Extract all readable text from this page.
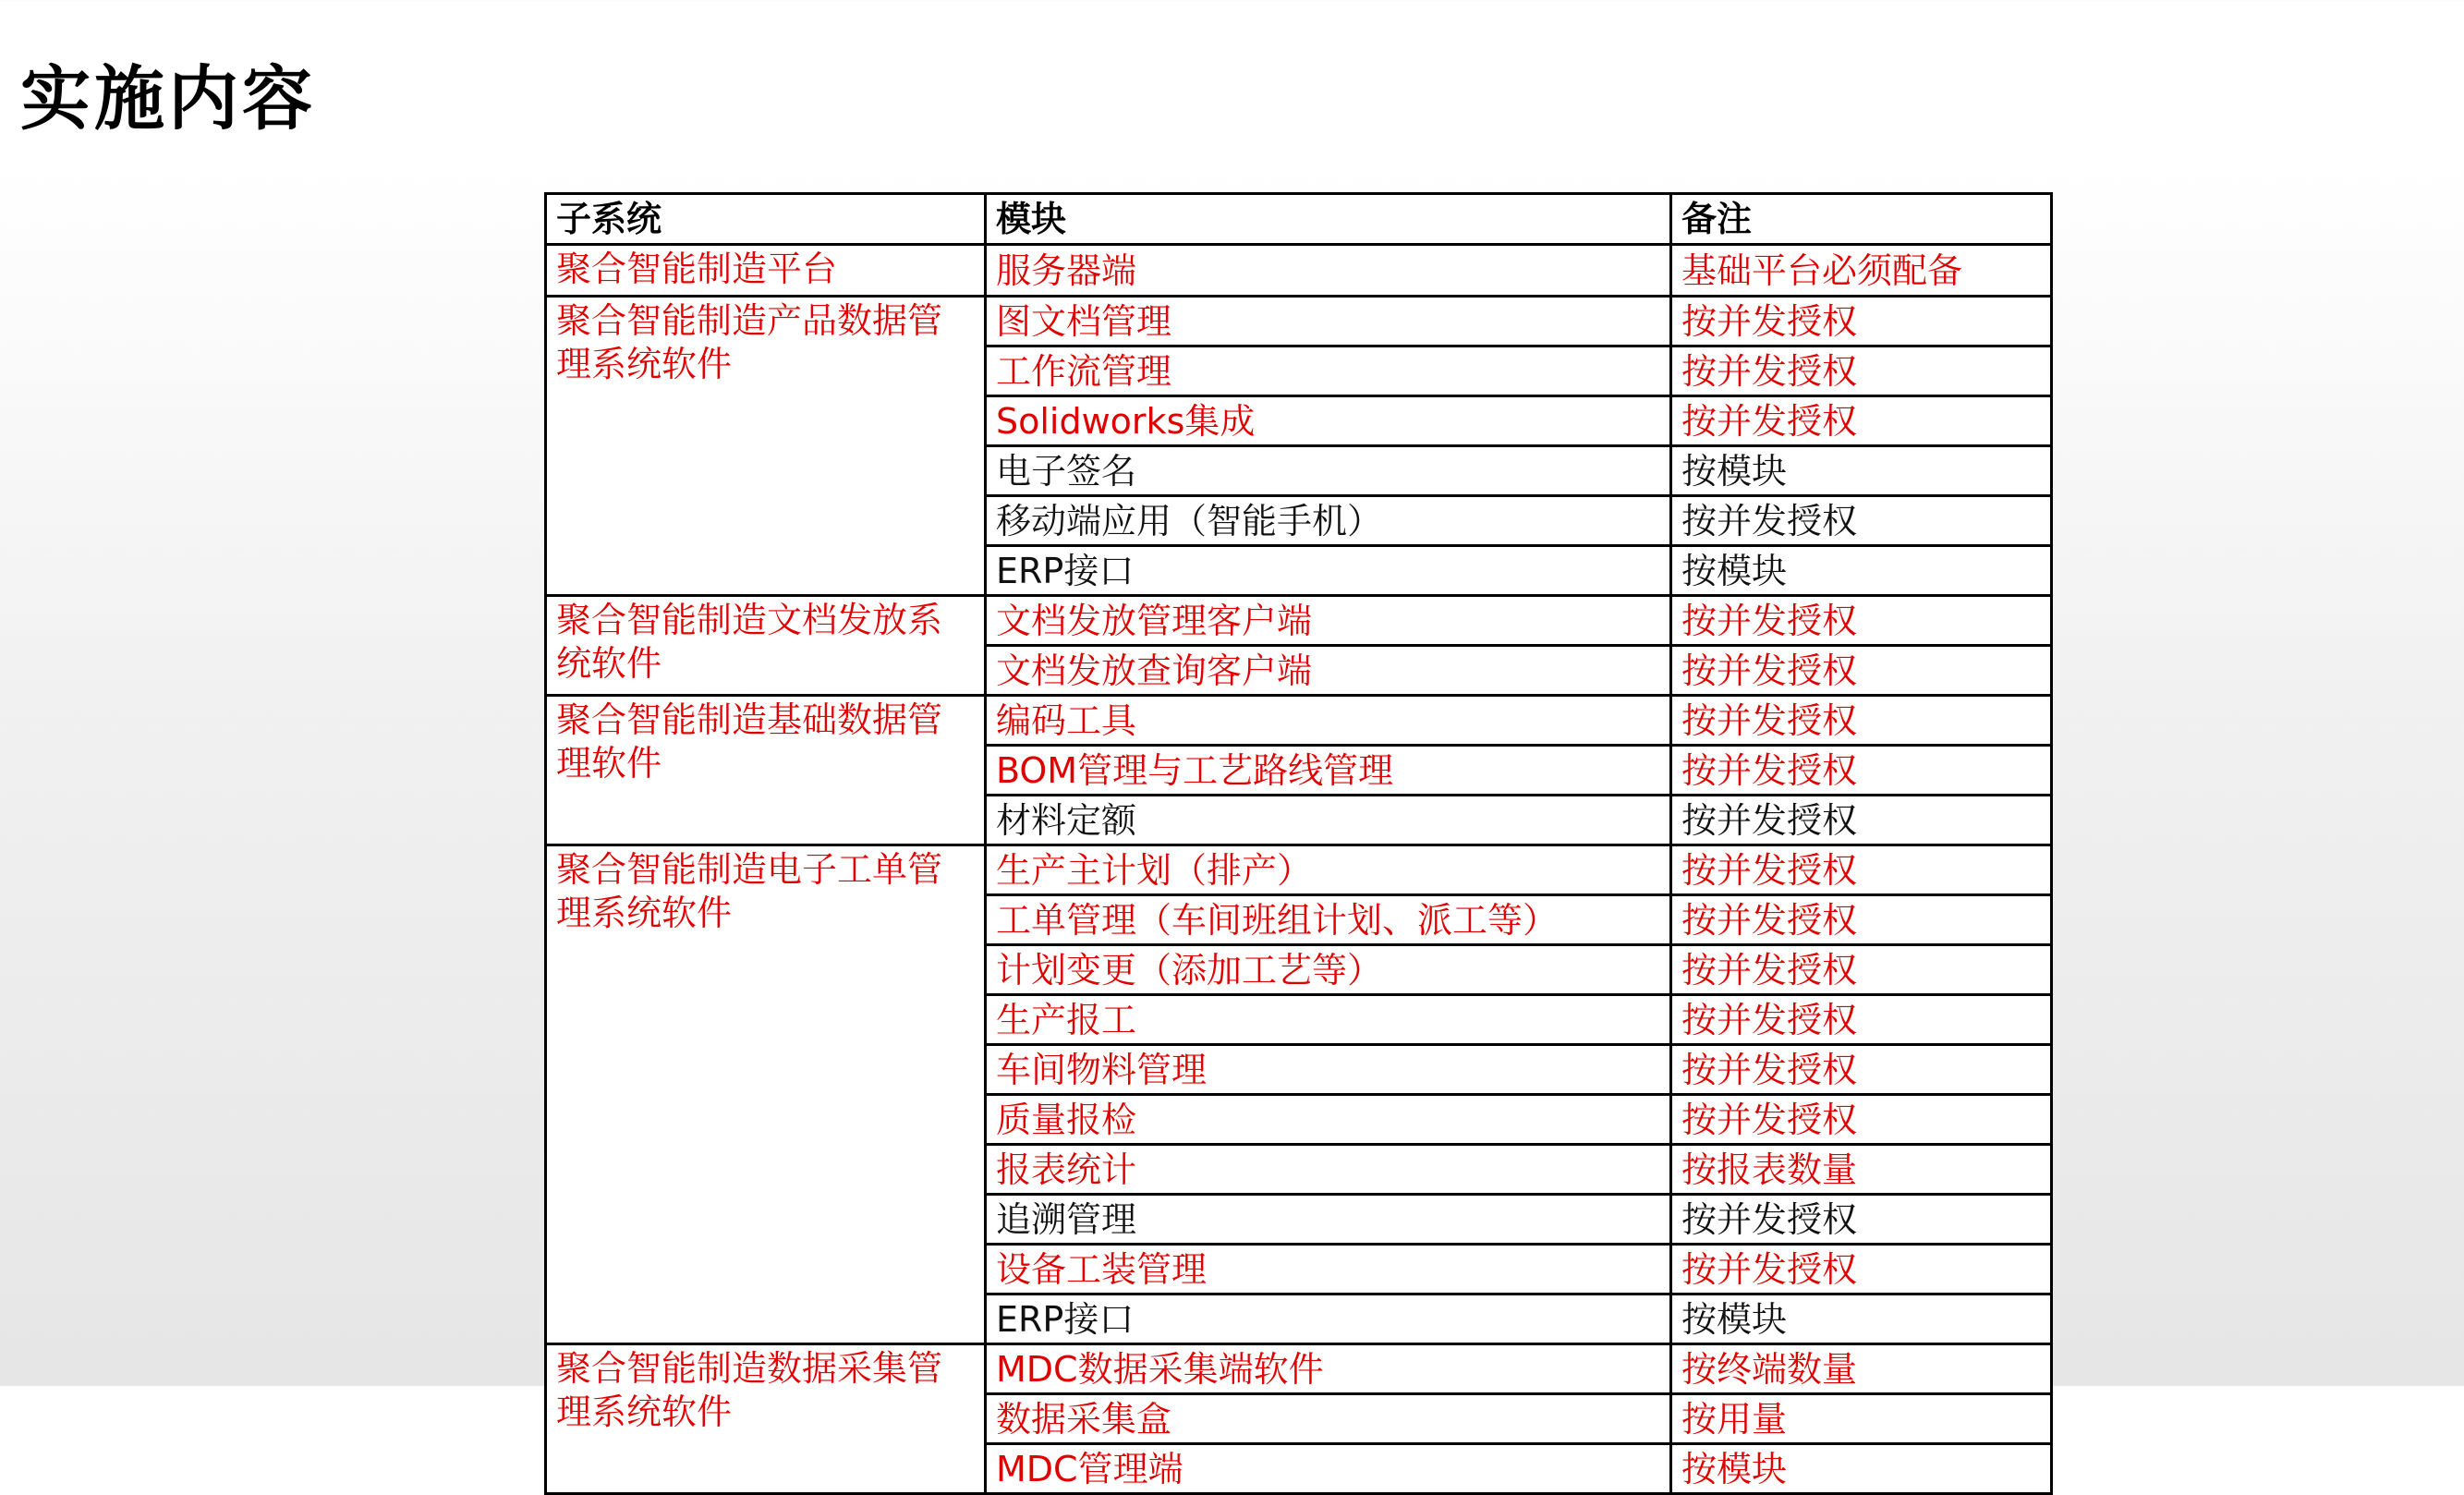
实施内容
子系统	模块	备注
聚合智能制造平台	服务器端	基础平台必须配备
聚合智能制造产品数据管理系统软件	图文档管理	按并发授权
	工作流管理	按并发授权
	Solidworks集成	按并发授权
	电子签名	按模块
	移动端应用（智能手机）	按并发授权
	ERP接口	按模块
聚合智能制造文档发放系统软件	文档发放管理客户端	按并发授权
	文档发放查询客户端	按并发授权
聚合智能制造基础数据管理软件	编码工具	按并发授权
	BOM管理与工艺路线管理	按并发授权
	材料定额	按并发授权
聚合智能制造电子工单管理系统软件	生产主计划（排产）	按并发授权
	工单管理（车间班组计划、派工等）	按并发授权
	计划变更（添加工艺等）	按并发授权
	生产报工	按并发授权
	车间物料管理	按并发授权
	质量报检	按并发授权
	报表统计	按报表数量
	追溯管理	按并发授权
	设备工装管理	按并发授权
	ERP接口	按模块
聚合智能制造数据采集管理系统软件	MDC数据采集端软件	按终端数量
	数据采集盒	按用量
	MDC管理端	按模块
